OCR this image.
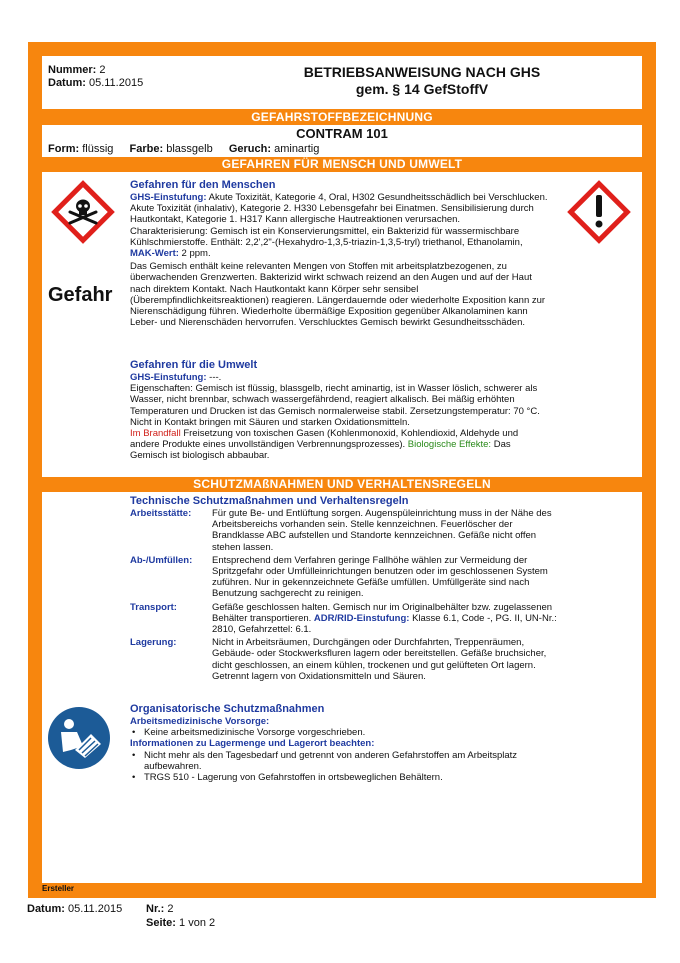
Nummer: 2
Datum: 05.11.2015
BETRIEBSANWEISUNG NACH GHS
gem. § 14 GefStoffV
GEFAHRSTOFFBEZEICHNUNG
CONTRAM 101
Form: flüssig Farbe: blassgelb Geruch: aminartig
GEFAHREN FÜR MENSCH UND UMWELT
Gefahr
Gefahren für den Menschen
GHS-Einstufung: Akute Toxizität, Kategorie 4, Oral, H302 Gesundheitsschädlich bei Verschlucken. Akute Toxizität (inhalativ), Kategorie 2. H330 Lebensgefahr bei Einatmen. Sensibilisierung durch Hautkontakt, Kategorie 1. H317 Kann allergische Hautreaktionen verursachen.
Charakterisierung: Gemisch ist ein Konservierungsmittel, ein Bakterizid für wassermischbare Kühlschmierstoffe. Enthält: 2,2',2"-(Hexahydro-1,3,5-triazin-1,3,5-tryl) triethanol, Ethanolamin, MAK-Wert: 2 ppm.
Das Gemisch enthält keine relevanten Mengen von Stoffen mit arbeitsplatzbezogenen, zu überwachenden Grenzwerten. Bakterizid wirkt schwach reizend an den Augen und auf der Haut nach direktem Kontakt. Nach Hautkontakt kann Körper sehr sensibel (Überempfindlichkeitsreaktionen) reagieren. Längerdauernde oder wiederholte Exposition kann zur Nierenschädigung führen. Wiederholte übermäßige Exposition gegenüber Alkanolaminen kann Leber- und Nierenschäden hervorrufen. Verschlucktes Gemisch bewirkt Gesundheitsschäden.
Gefahren für die Umwelt
GHS-Einstufung: ---.
Eigenschaften: Gemisch ist flüssig, blassgelb, riecht aminartig, ist in Wasser löslich, schwerer als Wasser, nicht brennbar, schwach wassergefährdend, reagiert alkalisch. Bei mäßig erhöhten Temperaturen und Drucken ist das Gemisch normalerweise stabil. Zersetzungstemperatur: 70 °C. Nicht in Kontakt bringen mit Säuren und starken Oxidationsmitteln.
Im Brandfall Freisetzung von toxischen Gasen (Kohlenmonoxid, Kohlendioxid, Aldehyde und andere Produkte eines unvollständigen Verbrennungsprozesses). Biologische Effekte: Das Gemisch ist biologisch abbaubar.
SCHUTZMAßNAHMEN UND VERHALTENSREGELN
Technische Schutzmaßnahmen und Verhaltensregeln
Arbeitsstätte:	Für gute Be- und Entlüftung sorgen. Augenspüleinrichtung muss in der Nähe des Arbeitsbereichs vorhanden sein. Stelle kennzeichnen. Feuerlöscher der Brandklasse ABC aufstellen und Standorte kennzeichnen. Gefäße nicht offen stehen lassen.
Ab-/Umfüllen:	Entsprechend dem Verfahren geringe Fallhöhe wählen zur Vermeidung der Spritzgefahr oder Umfülleinrichtungen benutzen oder im geschlossenen System zuführen. Nur in gekennzeichnete Gefäße umfüllen. Umfüllgeräte sind nach Benutzung sachgerecht zu reinigen.
Transport:	Gefäße geschlossen halten. Gemisch nur im Originalbehälter bzw. zugelassenen Behälter transportieren. ADR/RID-Einstufung: Klasse 6.1, Code -, PG. II, UN-Nr.: 2810, Gefahrzettel: 6.1.
Lagerung:	Nicht in Arbeitsräumen, Durchgängen oder Durchfahrten, Treppenräumen, Gebäude- oder Stockwerksfluren lagern oder bereitstellen. Gefäße bruchsicher, dicht geschlossen, an einem kühlen, trockenen und gut gelüfteten Ort lagern. Getrennt lagern von Oxidationsmitteln und Säuren.
Organisatorische Schutzmaßnahmen
Arbeitsmedizinische Vorsorge:
• Keine arbeitsmedizinische Vorsorge vorgeschrieben.
Informationen zu Lagermenge und Lagerort beachten:
• Nicht mehr als den Tagesbedarf und getrennt von anderen Gefahrstoffen am Arbeitsplatz aufbewahren.
• TRGS 510 - Lagerung von Gefahrstoffen in ortsbeweglichen Behältern.
Ersteller
Datum: 05.11.2015 Nr.: 2
Seite: 1 von 2
